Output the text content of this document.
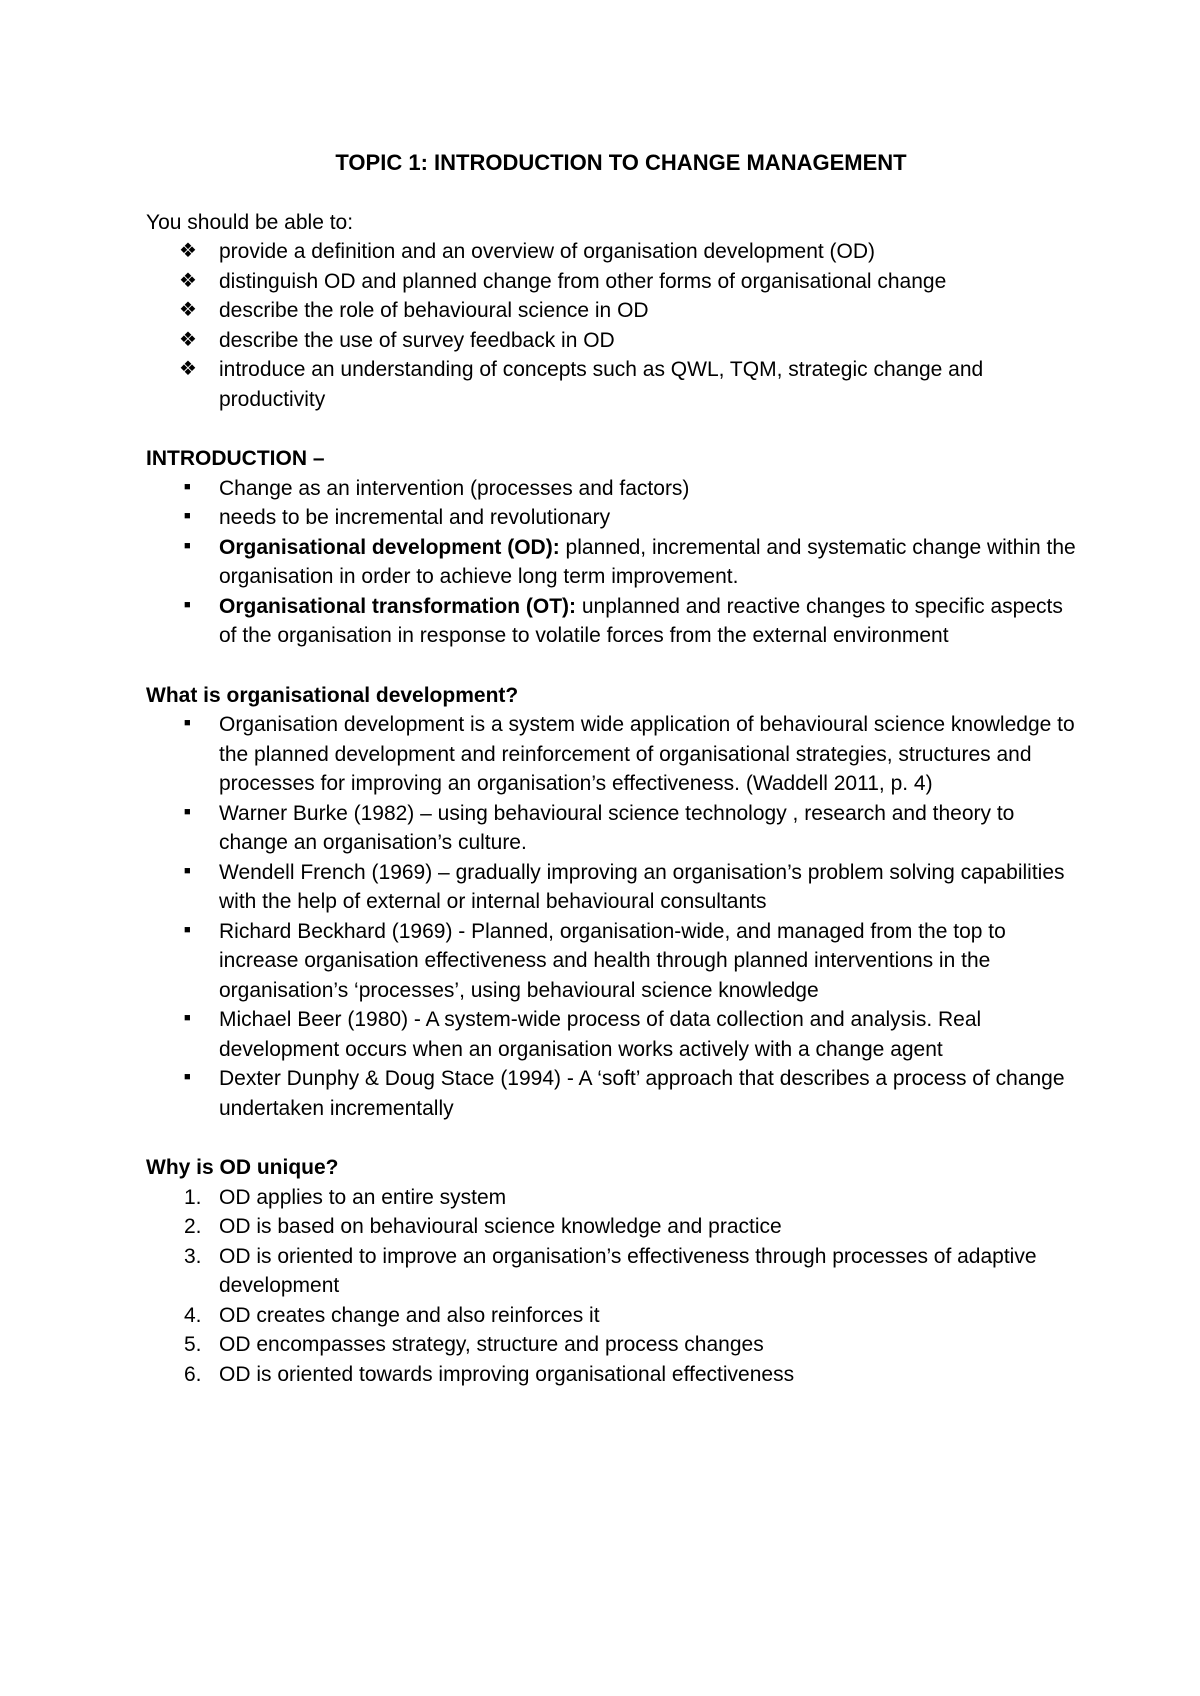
TOPIC 1: INTRODUCTION TO CHANGE MANAGEMENT

You should be able to:

❖	provide a definition and an overview of organisation development (OD)
❖	distinguish OD and planned change from other forms of organisational change
❖	describe the role of behavioural science in OD
❖	describe the use of survey feedback in OD
❖	introduce an understanding of concepts such as QWL, TQM, strategic change and productivity

INTRODUCTION –

■	Change as an intervention (processes and factors)
■	needs to be incremental and revolutionary
■	Organisational development (OD): planned, incremental and systematic change within the organisation in order to achieve long term improvement.
■	Organisational transformation (OT): unplanned and reactive changes to specific aspects of the organisation in response to volatile forces from the external environment

What is organisational development?

■	Organisation development is a system wide application of behavioural science knowledge to the planned development and reinforcement of organisational strategies, structures and processes for improving an organisation’s effectiveness. (Waddell 2011, p. 4)
■	Warner Burke (1982) – using behavioural science technology , research and theory to change an organisation’s culture.
■	Wendell French (1969) – gradually improving an organisation’s problem solving capabilities with the help of external or internal behavioural consultants
■	Richard Beckhard (1969) - Planned, organisation-wide, and managed from the top to increase organisation effectiveness and health through planned interventions in the organisation’s ‘processes’, using behavioural science knowledge
■	Michael Beer (1980) - A system-wide process of data collection and analysis. Real development occurs when an organisation works actively with a change agent
■	Dexter Dunphy & Doug Stace (1994) - A ‘soft’ approach that describes a process of change undertaken incrementally

Why is OD unique?

1. OD applies to an entire system
2. OD is based on behavioural science knowledge and practice
3. OD is oriented to improve an organisation’s effectiveness through processes of adaptive development
4. OD creates change and also reinforces it
5. OD encompasses strategy, structure and process changes
6. OD is oriented towards improving organisational effectiveness
